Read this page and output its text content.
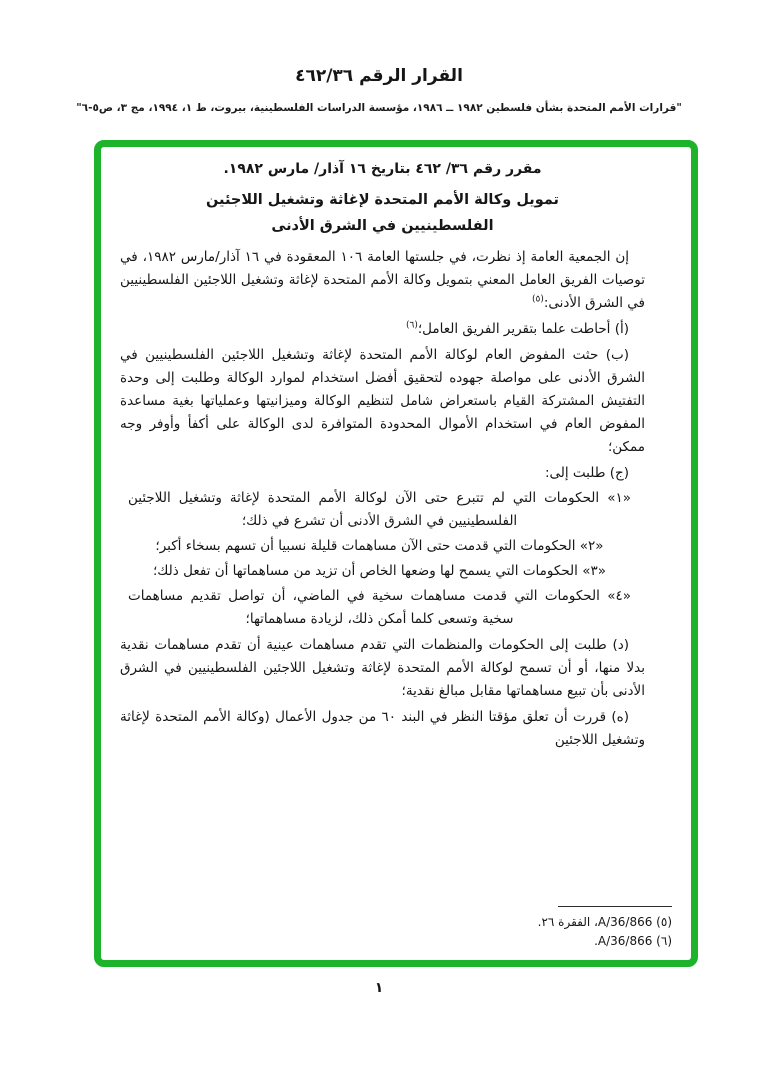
القرار الرقم ٤٦٢/٣٦
"قرارات الأمم المتحدة بشأن فلسطين ١٩٨٢ ــ ١٩٨٦، مؤسسة الدراسات الفلسطينية، بيروت، ط ١، ١٩٩٤، مج ٣، ص٥-٦"

مقرر رقم ٣٦/ ٤٦٢ بتاريخ ١٦ آذار/ مارس ١٩٨٢.

تمويل وكالة الأمم المتحدة لإغاثة وتشغيل اللاجئين

الفلسطينيين في الشرق الأدنى

إن الجمعية العامة إذ نظرت، في جلستها العامة ١٠٦ المعقودة في ١٦ آذار/مارس ١٩٨٢، في توصيات الفريق العامل المعني بتمويل وكالة الأمم المتحدة لإغاثة وتشغيل اللاجئين الفلسطينيين في الشرق الأدنى:$^{(٥)}$

(أ) أحاطت علما بتقرير الفريق العامل؛$^{(٦)}$

(ب) حثت المفوض العام لوكالة الأمم المتحدة لإغاثة وتشغيل اللاجئين الفلسطينيين في الشرق الأدنى على مواصلة جهوده لتحقيق أفضل استخدام لموارد الوكالة وطلبت إلى وحدة التفتيش المشتركة القيام باستعراض شامل لتنظيم الوكالة وميزانيتها وعملياتها بغية مساعدة المفوض العام في استخدام الأموال المحدودة المتوافرة لدى الوكالة على أكفأ وأوفر وجه ممكن؛

(ج) طلبت إلى:

«١» الحكومات التي لم تتبرع حتى الآن لوكالة الأمم المتحدة لإغاثة وتشغيل اللاجئين الفلسطينيين في الشرق الأدنى أن تشرع في ذلك؛

«٢» الحكومات التي قدمت حتى الآن مساهمات قليلة نسبيا أن تسهم بسخاء أكبر؛

«٣» الحكومات التي يسمح لها وضعها الخاص أن تزيد من مساهماتها أن تفعل ذلك؛

«٤» الحكومات التي قدمت مساهمات سخية في الماضي، أن تواصل تقديم مساهمات سخية وتسعى كلما أمكن ذلك، لزيادة مساهماتها؛

(د) طلبت إلى الحكومات والمنظمات التي تقدم مساهمات عينية أن تقدم مساهمات نقدية بدلا منها، أو أن تسمح لوكالة الأمم المتحدة لإغاثة وتشغيل اللاجئين الفلسطينيين في الشرق الأدنى بأن تبيع مساهماتها مقابل مبالغ نقدية؛

(ه) قررت أن تعلق مؤقتا النظر في البند ٦٠ من جدول الأعمال (وكالة الأمم المتحدة لإغاثة وتشغيل اللاجئين

(٥) A/36/866، الفقرة ٢٦.

(٦) A/36/866.

١
